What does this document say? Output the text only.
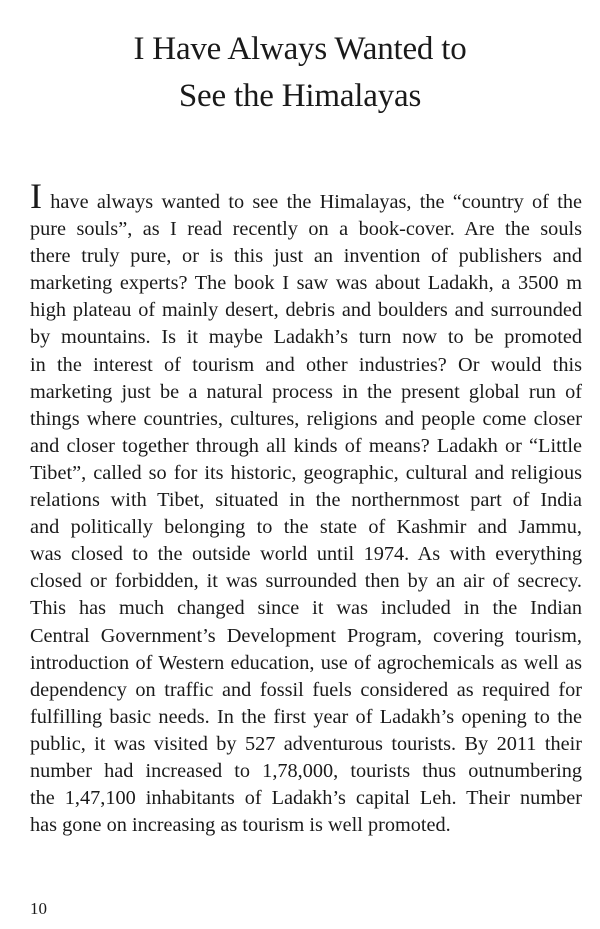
I Have Always Wanted to
See the Himalayas
I have always wanted to see the Himalayas, the “country of the
pure souls”, as I read recently on a book-cover. Are the souls
there truly pure, or is this just an invention of publishers and
marketing experts? The book I saw was about Ladakh, a 3500 m
high plateau of mainly desert, debris and boulders and surrounded
by mountains. Is it maybe Ladakh’s turn now to be promoted
in the interest of tourism and other industries? Or would this
marketing just be a natural process in the present global run of
things where countries, cultures, religions and people come closer
and closer together through all kinds of means? Ladakh or “Little
Tibet”, called so for its historic, geographic, cultural and religious
relations with Tibet, situated in the northernmost part of India
and politically belonging to the state of Kashmir and Jammu,
was closed to the outside world until 1974. As with everything
closed or forbidden, it was surrounded then by an air of secrecy.
This has much changed since it was included in the Indian
Central Government’s Development Program, covering tourism,
introduction of Western education, use of agrochemicals as well as
dependency on traffic and fossil fuels considered as required for
fulfilling basic needs. In the first year of Ladakh’s opening to the
public, it was visited by 527 adventurous tourists. By 2011 their
number had increased to 1,78,000, tourists thus outnumbering
the 1,47,100 inhabitants of Ladakh’s capital Leh. Their number
has gone on increasing as tourism is well promoted.

10
